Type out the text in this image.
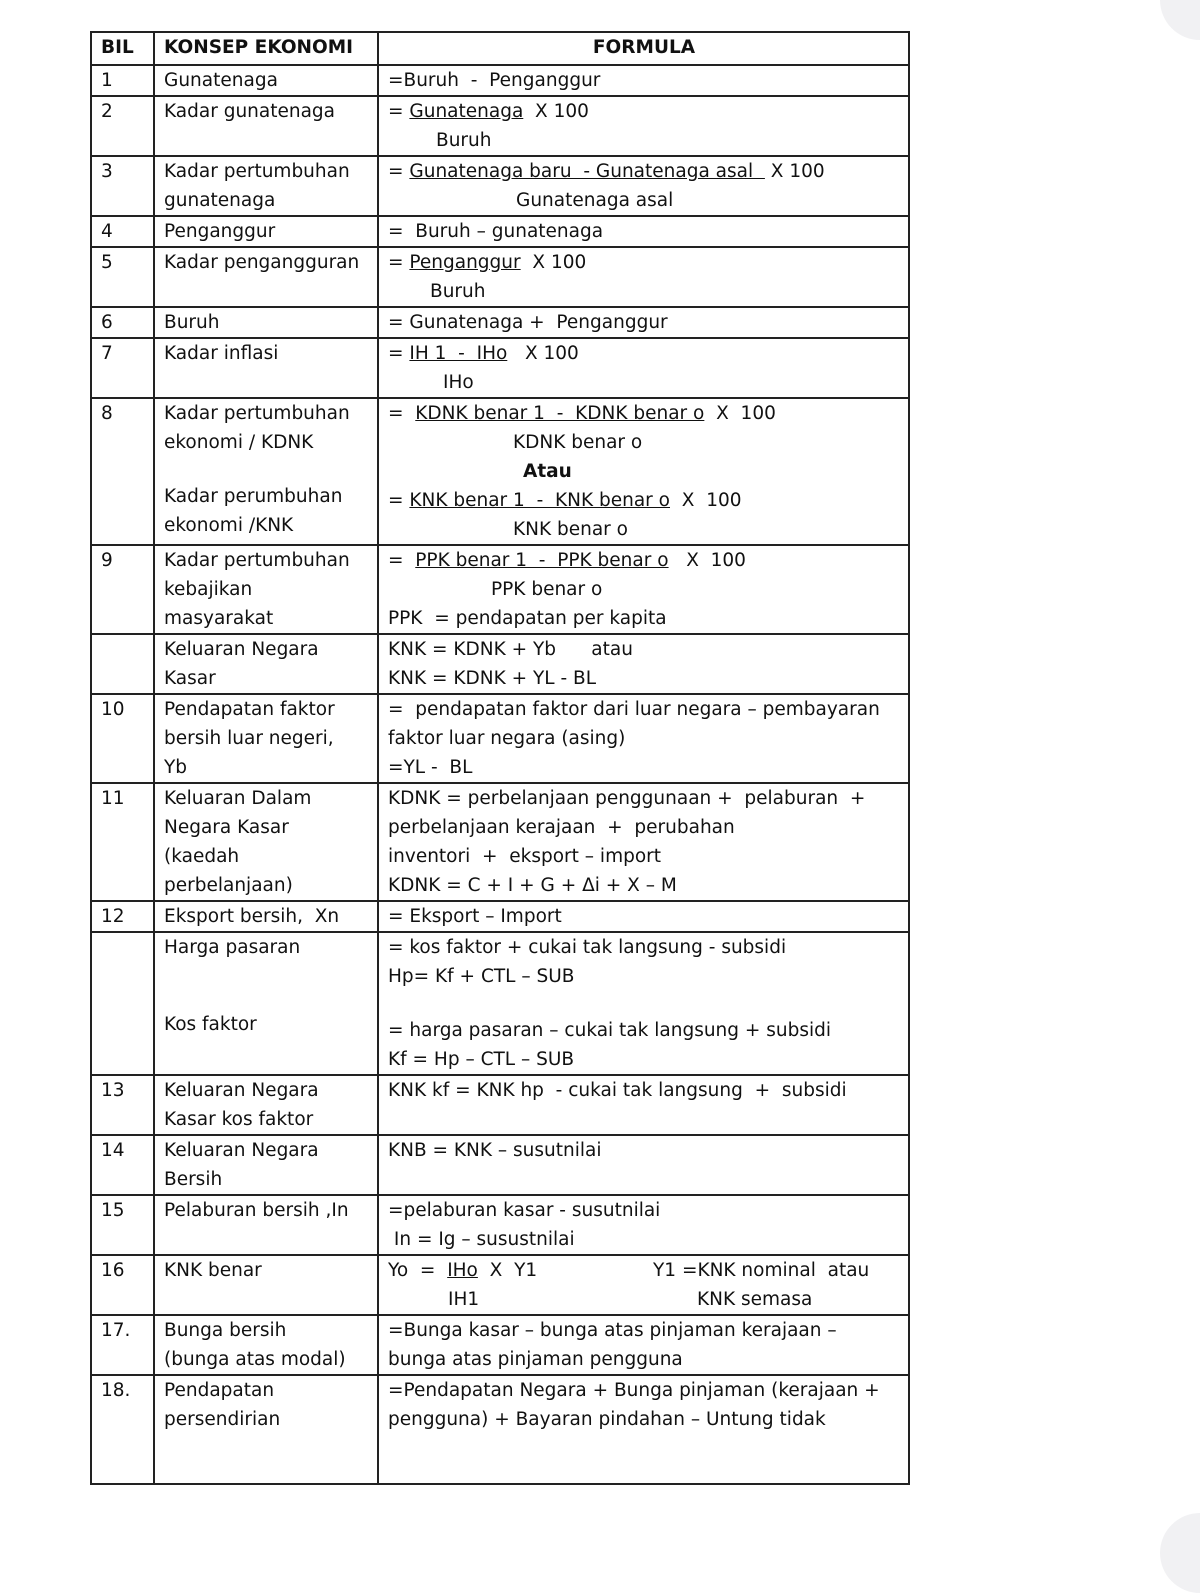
BIL	KONSEP EKONOMI	FORMULA
1	Gunatenaga	=Buruh  -  Penganggur

2	Kadar gunatenaga	= Gunatenaga  X 100
Buruh

3	Kadar pertumbuhan
gunatenaga	= Gunatenaga baru  - Gunatenaga asal   X 100
Gunatenaga asal

4	Penganggur	=  Buruh – gunatenaga

5	Kadar pengangguran	= Penganggur  X 100
Buruh

6	Buruh	= Gunatenaga +  Penganggur

7	Kadar inflasi	= IH 1  -  IHo   X 100
IHo

8	Kadar pertumbuhan
ekonomi / KDNK
Kadar perumbuhan
ekonomi /KNK	=  KDNK benar 1  -  KDNK benar o  X  100
KDNK benar o
Atau
= KNK benar 1  -  KNK benar o  X  100
KNK benar o

9	Kadar pertumbuhan
kebajikan
masyarakat	=  PPK benar 1  -  PPK benar o   X  100
PPK benar o
PPK  = pendapatan per kapita

	Keluaran Negara
Kasar	KNK = KDNK + Yb      atau
KNK = KDNK + YL - BL

10	Pendapatan faktor
bersih luar negeri,
Yb	=  pendapatan faktor dari luar negara – pembayaran
faktor luar negara (asing)
=YL -  BL

11	Keluaran Dalam
Negara Kasar
(kaedah
perbelanjaan)	KDNK = perbelanjaan penggunaan +  pelaburan  +
perbelanjaan kerajaan  +  perubahan
inventori  +  eksport – import
KDNK = C + I + G + Δi + X – M

12	Eksport bersih,  Xn	= Eksport – Import

	Harga pasaran
Kos faktor	= kos faktor + cukai tak langsung - subsidi
Hp= Kf + CTL – SUB
= harga pasaran – cukai tak langsung + subsidi
Kf = Hp – CTL – SUB

13	Keluaran Negara
Kasar kos faktor	KNK kf = KNK hp  - cukai tak langsung  +  subsidi

14	Keluaran Negara
Bersih	KNB = KNK – susutnilai

15	Pelaburan bersih ,In	=pelaburan kasar - susutnilai
In = Ig – susustnilai

16	KNK benar	Yo  =  IHo  X  Y1
IH1
Y1 =KNK nominal  atau
KNK semasa

17.	Bunga bersih
(bunga atas modal)	=Bunga kasar – bunga atas pinjaman kerajaan –
bunga atas pinjaman pengguna

18.	Pendapatan
persendirian	=Pendapatan Negara + Bunga pinjaman (kerajaan +
pengguna) + Bayaran pindahan – Untung tidak
